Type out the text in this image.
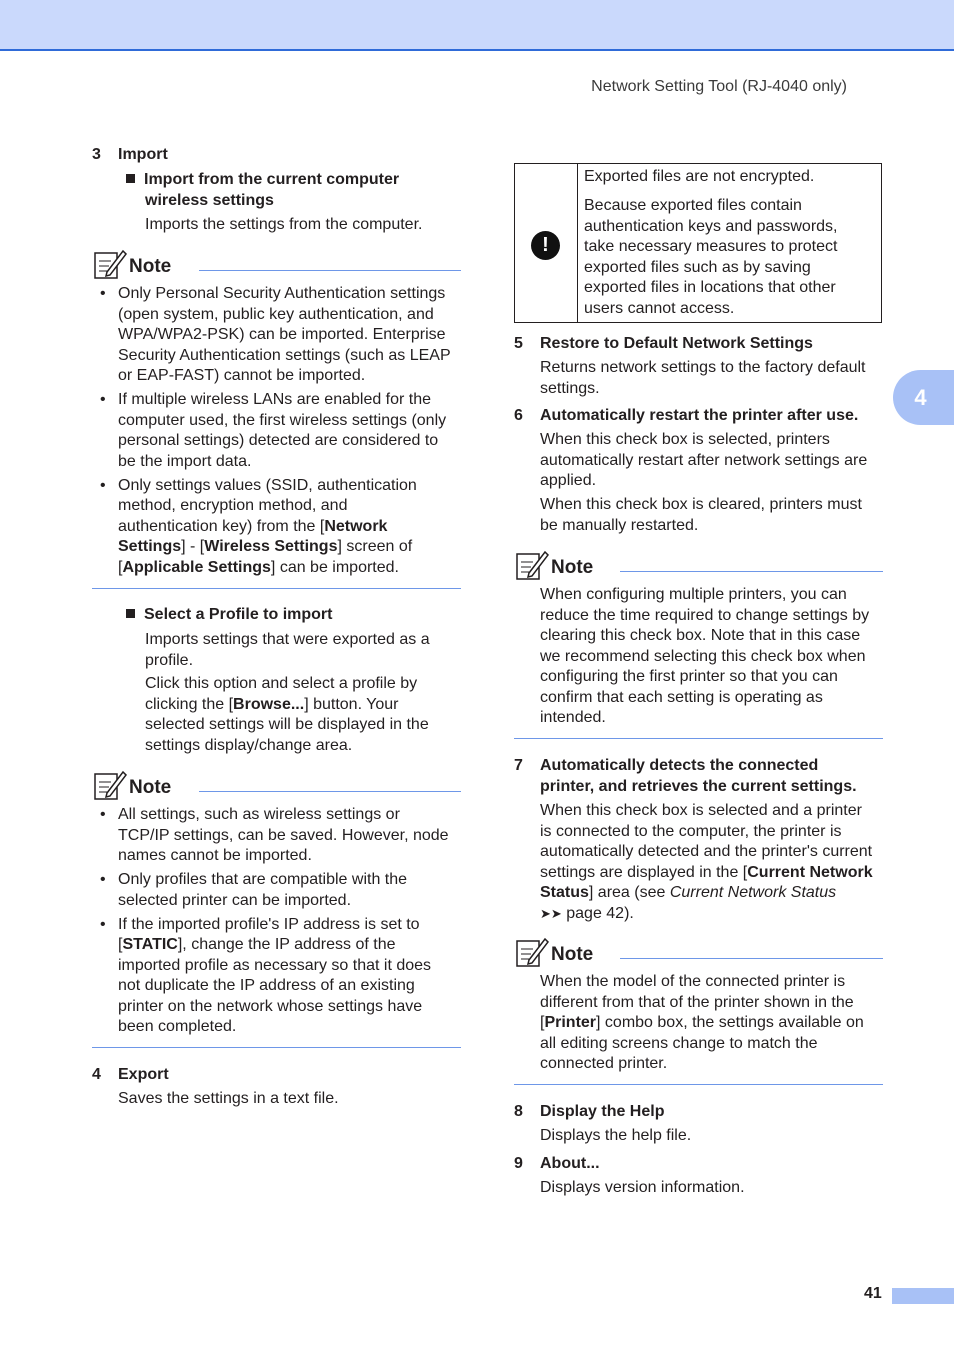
Network Setting Tool (RJ-4040 only)
4
3 Import
Import from the current computer
wireless settings
Imports the settings from the computer.
Note
• Only Personal Security Authentication settings
(open system, public key authentication, and
WPA/WPA2-PSK) can be imported. Enterprise
Security Authentication settings (such as LEAP
or EAP-FAST) cannot be imported.
• If multiple wireless LANs are enabled for the
computer used, the first wireless settings (only
personal settings) detected are considered to
be the import data.
• Only settings values (SSID, authentication
method, encryption method, and
authentication key) from the [Network
Settings] - [Wireless Settings] screen of
[Applicable Settings] can be imported.
Select a Profile to import
Imports settings that were exported as a
profile.
Click this option and select a profile by
clicking the [Browse...] button. Your
selected settings will be displayed in the
settings display/change area.
Note
• All settings, such as wireless settings or
TCP/IP settings, can be saved. However, node
names cannot be imported.
• Only profiles that are compatible with the
selected printer can be imported.
• If the imported profile's IP address is set to
[STATIC], change the IP address of the
imported profile as necessary so that it does
not duplicate the IP address of an existing
printer on the network whose settings have
been completed.
4 Export
Saves the settings in a text file.
!
Exported files are not encrypted.
Because exported files contain
authentication keys and passwords,
take necessary measures to protect
exported files such as by saving
exported files in locations that other
users cannot access.
5 Restore to Default Network Settings
Returns network settings to the factory default
settings.
6 Automatically restart the printer after use.
When this check box is selected, printers
automatically restart after network settings are
applied.
When this check box is cleared, printers must
be manually restarted.
Note
When configuring multiple printers, you can
reduce the time required to change settings by
clearing this check box. Note that in this case
we recommend selecting this check box when
configuring the first printer so that you can
confirm that each setting is operating as
intended.
7 Automatically detects the connected
printer, and retrieves the current settings.
When this check box is selected and a printer
is connected to the computer, the printer is
automatically detected and the printer's current
settings are displayed in the [Current Network
Status] area (see Current Network Status
➤➤ page 42).
Note
When the model of the connected printer is
different from that of the printer shown in the
[Printer] combo box, the settings available on
all editing screens change to match the
connected printer.
8 Display the Help
Displays the help file.
9 About...
Displays version information.
41
